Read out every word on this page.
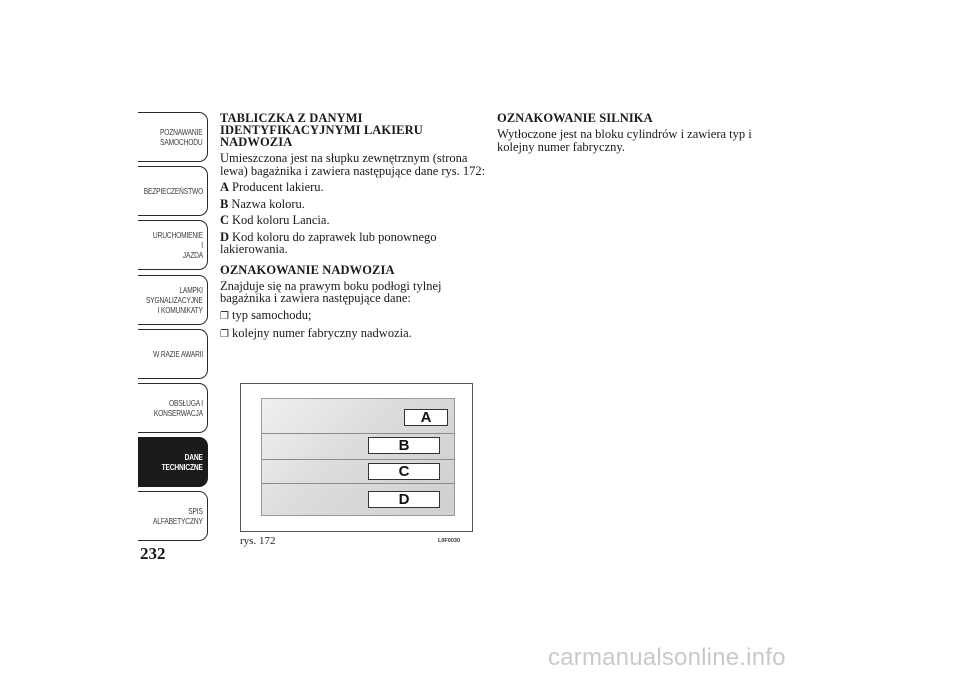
POZNAWANIE
SAMOCHODU
BEZPIECZEŃSTWO
URUCHOMIENIE I
JAZDA
LAMPKI
SYGNALIZACYJNE
I KOMUNIKATY
W RAZIE AWARII
OBSŁUGA I
KONSERWACJA
DANE
TECHNICZNE
SPIS
ALFABETYCZNY
232
TABLICZKA Z DANYMI IDENTYFIKACYJNYMI LAKIERU NADWOZIA

Umieszczona jest na słupku zewnętrznym (strona lewa) bagażnika i zawiera następujące dane rys. 172:

A Producent lakieru.

B Nazwa koloru.

C Kod koloru Lancia.

D Kod koloru do zaprawek lub ponownego lakierowania.

OZNAKOWANIE NADWOZIA

Znajduje się na prawym boku podłogi tylnej bagażnika i zawiera następujące dane:

❐ typ samochodu;

❐ kolejny numer fabryczny nadwozia.

OZNAKOWANIE SILNIKA

Wytłoczone jest na bloku cylindrów i zawiera typ i kolejny numer fabryczny.

A
B
C
D
rys. 172	L0F0030
carmanualsonline.info
